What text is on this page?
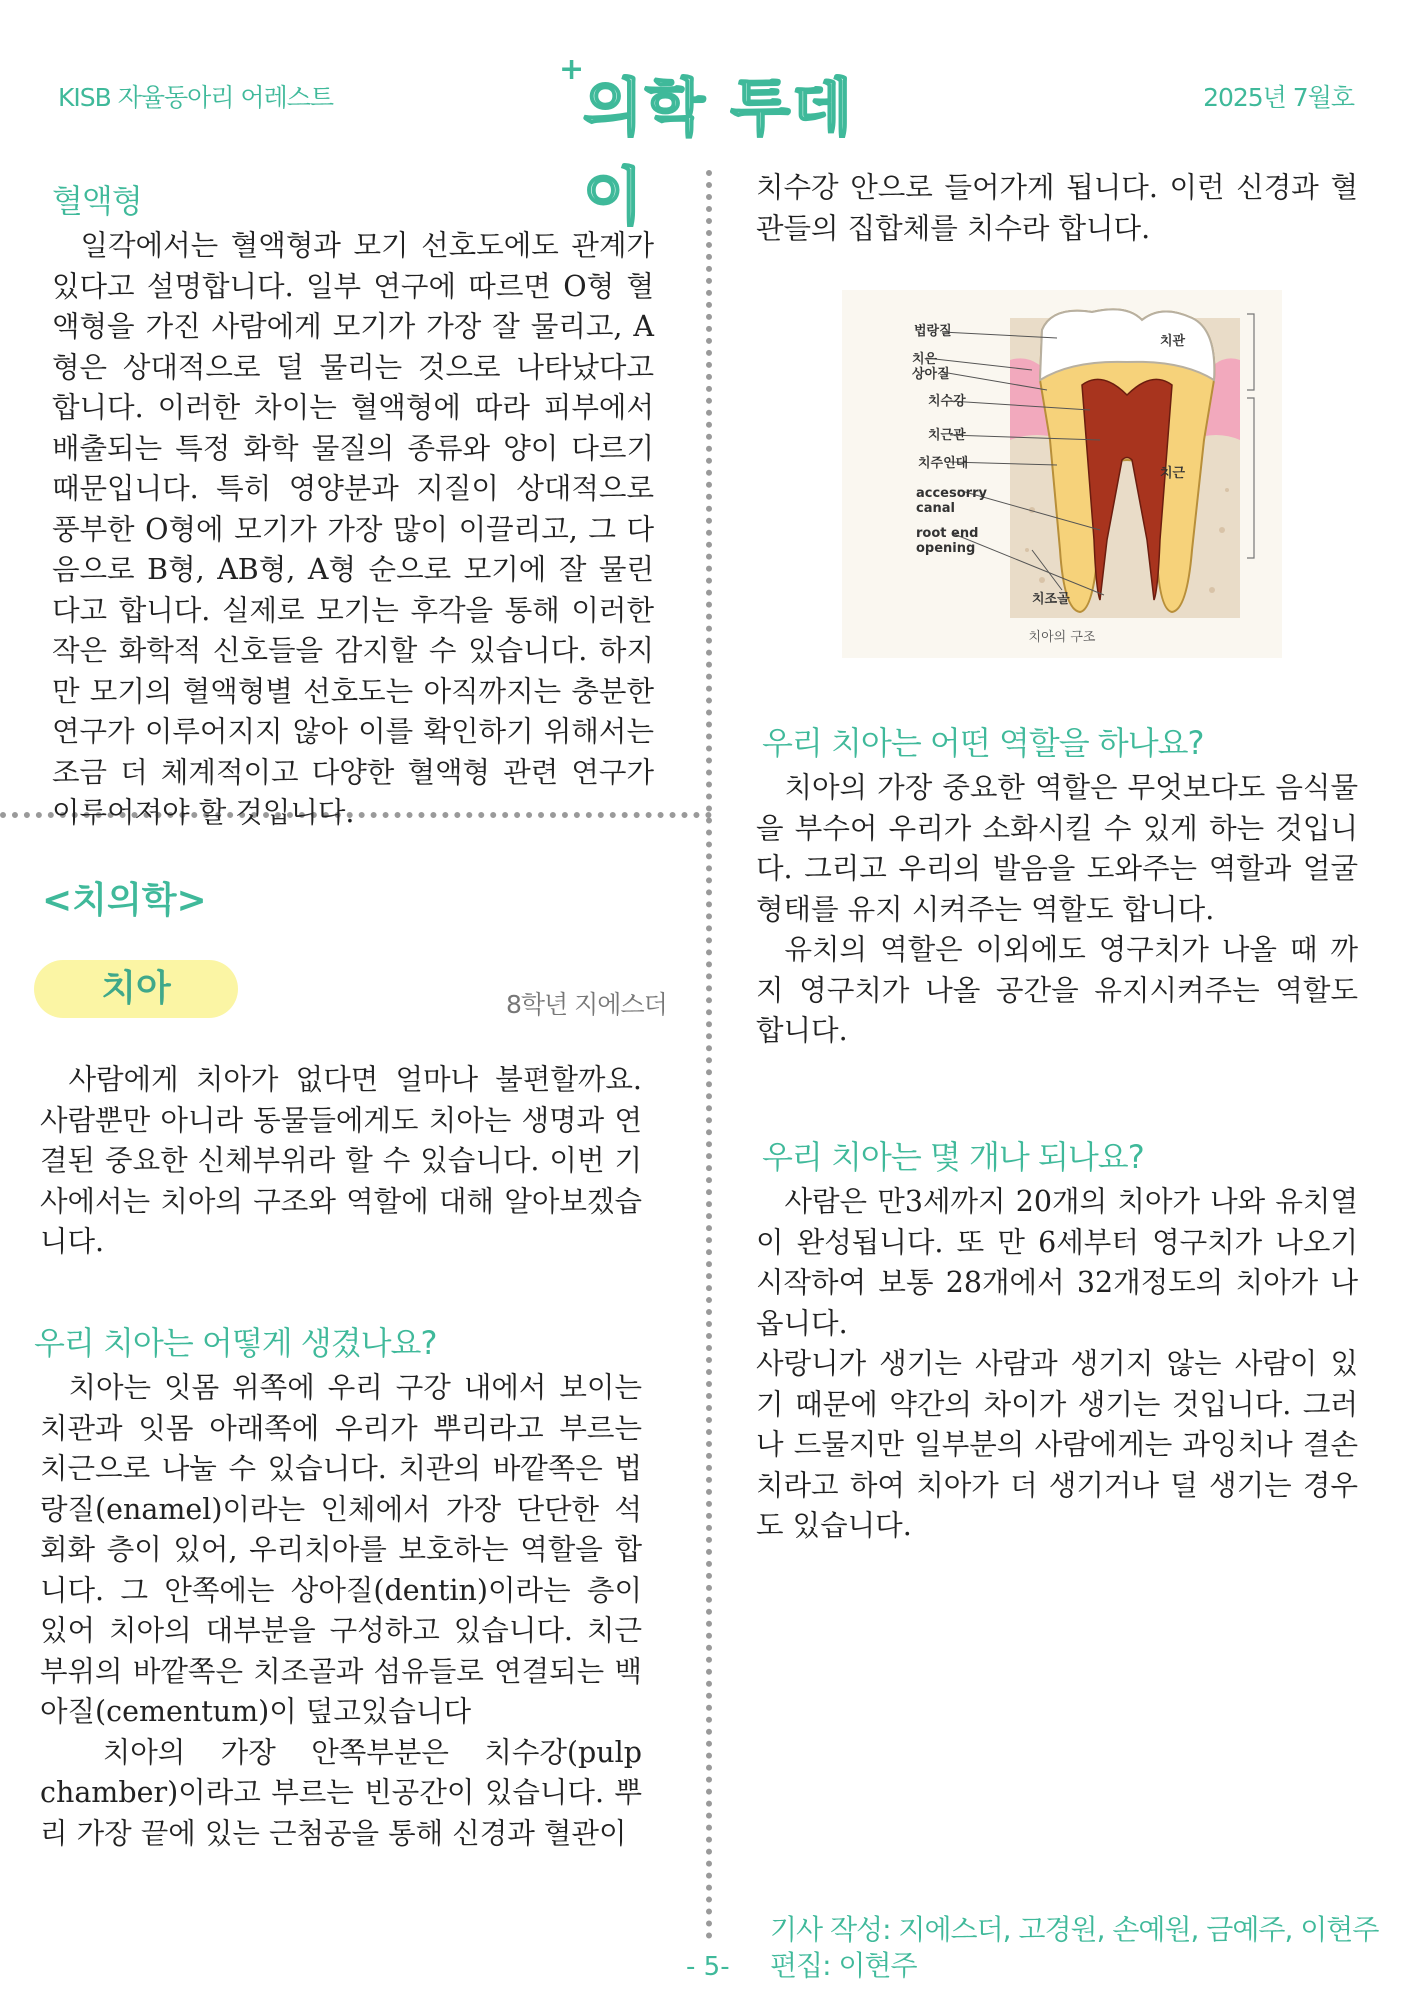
KISB 자율동아리 어레스트
+
의학 투데이
2025년 7월호
혈액형
일각에서는 혈액형과 모기 선호도에도 관계가 있다고 설명합니다. 일부 연구에 따르면 O형 혈액형을 가진 사람에게 모기가 가장 잘 물리고, A형은 상대적으로 덜 물리는 것으로 나타났다고 합니다. 이러한 차이는 혈액형에 따라 피부에서 배출되는 특정 화학 물질의 종류와 양이 다르기 때문입니다. 특히 영양분과 지질이 상대적으로 풍부한 O형에 모기가 가장 많이 이끌리고, 그 다음으로 B형, AB형, A형 순으로 모기에 잘 물린다고 합니다. 실제로 모기는 후각을 통해 이러한 작은 화학적 신호들을 감지할 수 있습니다. 하지만 모기의 혈액형별 선호도는 아직까지는 충분한 연구가 이루어지지 않아 이를 확인하기 위해서는 조금 더 체계적이고 다양한 혈액형 관련 연구가 이루어져야 할 것입니다.
<치의학>
치아	8학년 지에스더
사람에게 치아가 없다면 얼마나 불편할까요. 사람뿐만 아니라 동물들에게도 치아는 생명과 연결된 중요한 신체부위라 할 수 있습니다. 이번 기사에서는 치아의 구조와 역할에 대해 알아보겠습니다.
우리 치아는 어떻게 생겼나요?

치아는 잇몸 위쪽에 우리 구강 내에서 보이는 치관과 잇몸 아래쪽에 우리가 뿌리라고 부르는 치근으로 나눌 수 있습니다. 치관의 바깥쪽은 법랑질(enamel)이라는 인체에서 가장 단단한 석회화 층이 있어, 우리치아를 보호하는 역할을 합니다. 그 안쪽에는 상아질(dentin)이라는 층이 있어 치아의 대부분을 구성하고 있습니다. 치근부위의 바깥쪽은 치조골과 섬유들로 연결되는 백아질(cementum)이 덮고있습니다

치아의 가장 안쪽부분은 치수강(pulp chamber)이라고 부르는 빈공간이 있습니다. 뿌리 가장 끝에 있는 근첨공을 통해 신경과 혈관이

치수강 안으로 들어가게 됩니다. 이런 신경과 혈관들의 집합체를 치수라 합니다.
법랑질
치은
상아질
치수강
치근관
치주인대
accesorry
canal
root end
opening
치조골
치관
치근
치아의 구조
우리 치아는 어떤 역할을 하나요?

치아의 가장 중요한 역할은 무엇보다도 음식물을 부수어 우리가 소화시킬 수 있게 하는 것입니다. 그리고 우리의 발음을 도와주는 역할과 얼굴 형태를 유지 시켜주는 역할도 합니다.

유치의 역할은 이외에도 영구치가 나올 때 까지 영구치가 나올 공간을 유지시켜주는 역할도 합니다.

우리 치아는 몇 개나 되나요?

사람은 만3세까지 20개의 치아가 나와 유치열이 완성됩니다. 또 만 6세부터 영구치가 나오기 시작하여 보통 28개에서 32개정도의 치아가 나옵니다.

사랑니가 생기는 사람과 생기지 않는 사람이 있기 때문에 약간의 차이가 생기는 것입니다. 그러나 드물지만 일부분의 사람에게는 과잉치나 결손치라고 하여 치아가 더 생기거나 덜 생기는 경우도 있습니다.

기사 작성: 지에스더, 고경원, 손예원, 금예주, 이현주
편집: 이현주
- 5-
